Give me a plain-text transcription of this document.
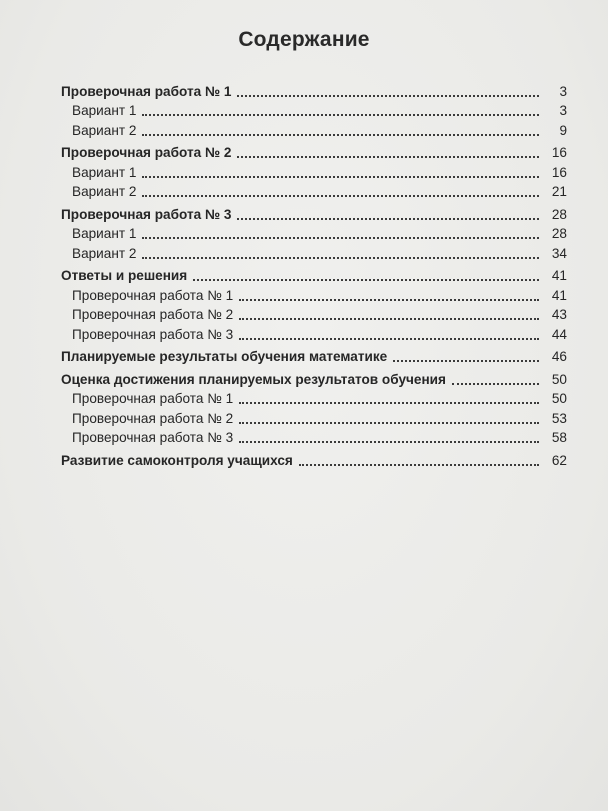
Содержание
Проверочная работа № 1	3
Вариант 1	3
Вариант 2	9
Проверочная работа № 2	16
Вариант 1	16
Вариант 2	21
Проверочная работа № 3	28
Вариант 1	28
Вариант 2	34
Ответы и решения	41
Проверочная работа № 1	41
Проверочная работа № 2	43
Проверочная работа № 3	44
Планируемые результаты обучения математике	46
Оценка достижения планируемых результатов обучения	50
Проверочная работа № 1	50
Проверочная работа № 2	53
Проверочная работа № 3	58
Развитие самоконтроля учащихся	62
